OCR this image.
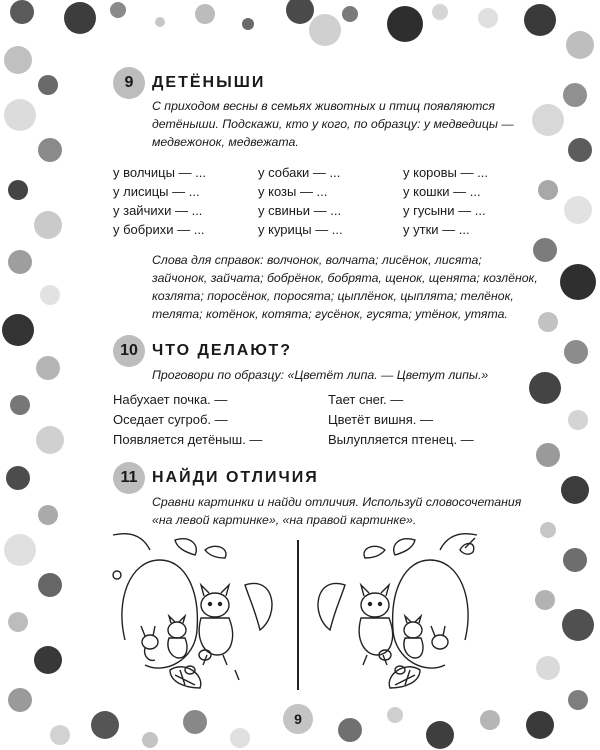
9	ДЕТЁНЫШИ
С приходом весны в семьях животных и птиц появляются
детёныши. Подскажи, кто у кого, по образцу: у медведицы —
медвежонок, медвежата.
у волчицы — ...	у собаки — ...	у коровы — ...
у лисицы — ...	у козы — ...	у кошки — ...
у зайчихи — ...	у свиньи — ...	у гусыни — ...
у бобрихи — ...	у курицы — ...	у утки — ...
Слова для справок: волчонок, волчата; лисёнок, лисята;
зайчонок, зайчата; бобрёнок, бобрята, щенок, щенята; козлёнок,
козлята; поросёнок, поросята; цыплёнок, цыплята; телёнок,
телята; котёнок, котята; гусёнок, гусята; утёнок, утята.
10 ЧТО ДЕЛАЮТ?
Проговори по образцу: «Цветёт липа. — Цветут липы.»
Набухает почка. —	Тает снег. —
Оседает сугроб. —	Цветёт вишня. —
Появляется детёныш. —	Вылупляется птенец. —
11 НАЙДИ ОТЛИЧИЯ
Сравни картинки и найди отличия. Используй словосочетания
«на левой картинке», «на правой картинке».
9
